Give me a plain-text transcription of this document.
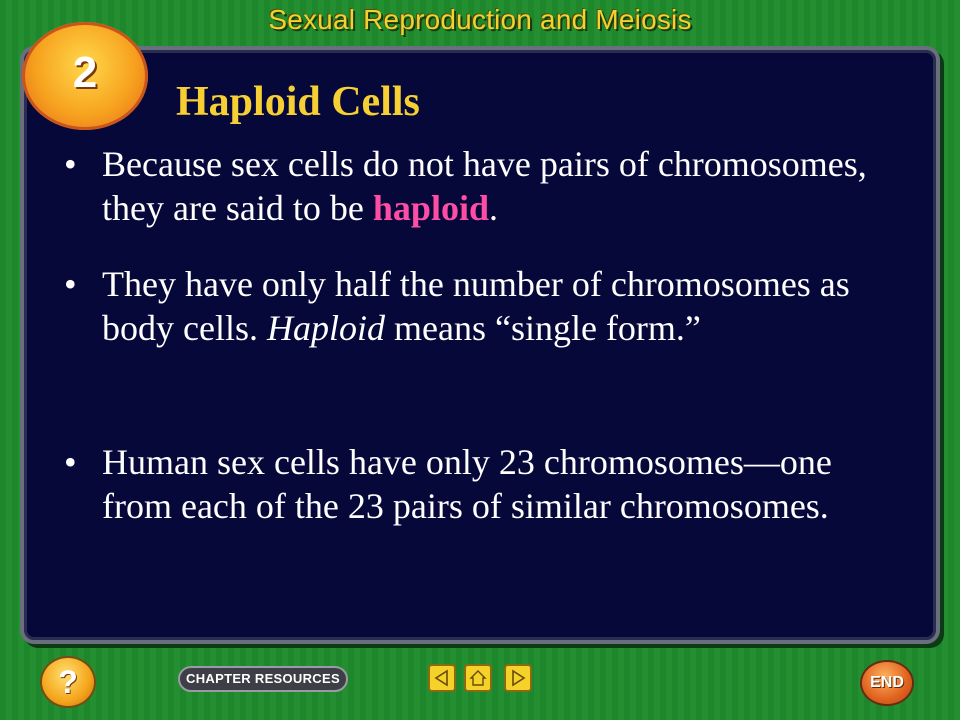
Sexual Reproduction and Meiosis
2
Haploid Cells
• Because sex cells do not have pairs of chromosomes, they are said to be haploid.
• They have only half the number of chromosomes as body cells. Haploid means “single form.”
• Human sex cells have only 23 chromosomes—one from each of the 23 pairs of similar chromosomes.
?	CHAPTER RESOURCES	END
